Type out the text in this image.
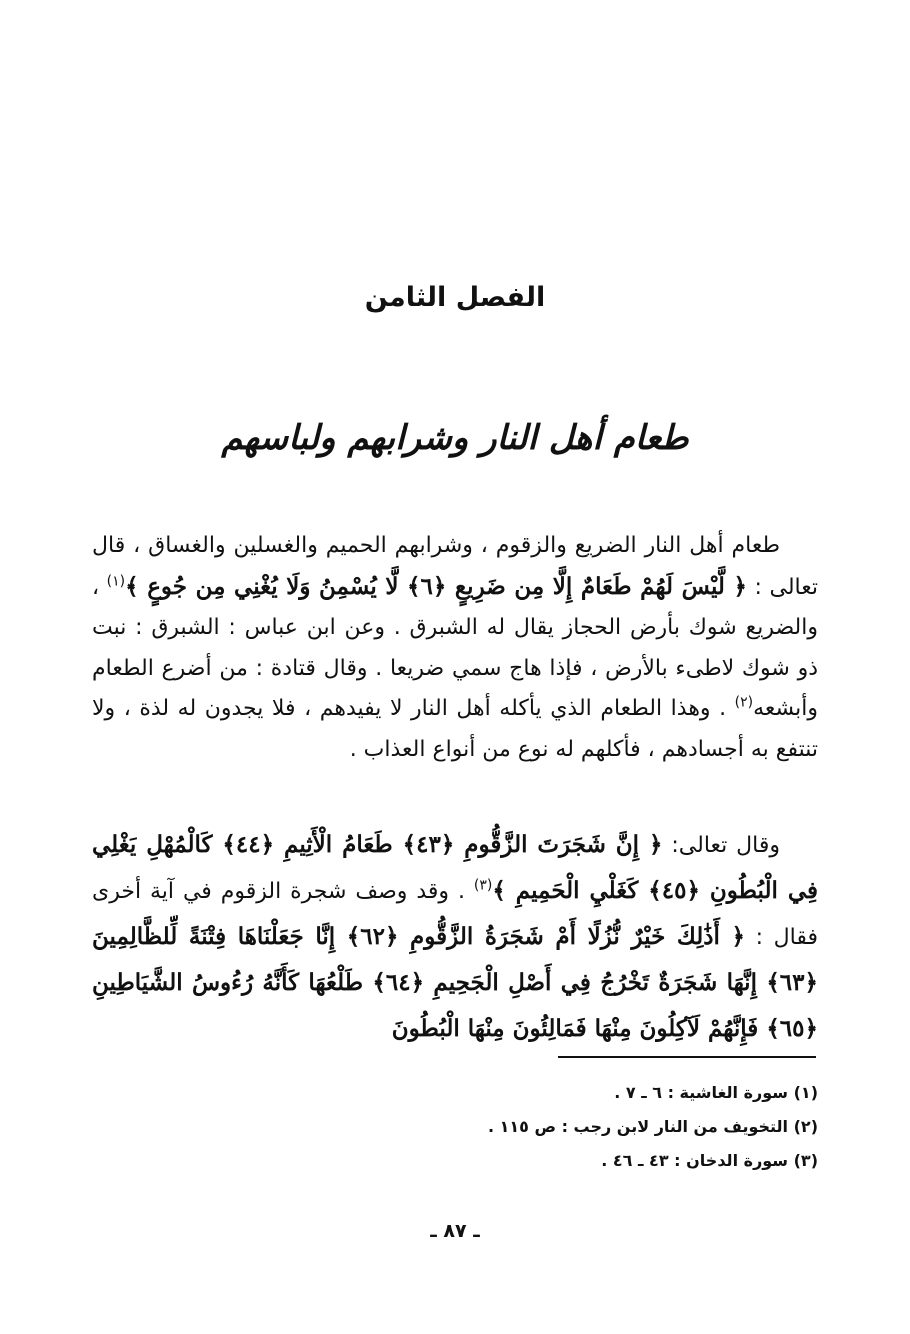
الفصل الثامن
طعام أهل النار وشرابهم ولباسهم

طعام أهل النار الضريع والزقوم ، وشرابهم الحميم والغسلين والغساق ، قال تعالى : ﴿ لَّيْسَ لَهُمْ طَعَامٌ إِلَّا مِن ضَرِيعٍ ﴿٦﴾ لَّا يُسْمِنُ وَلَا يُغْنِي مِن جُوعٍ ﴾$^{(١)}$ ، والضريع شوك بأرض الحجاز يقال له الشبرق . وعن ابن عباس : الشبرق : نبت ذو شوك لاطىء بالأرض ، فإذا هاج سمي ضريعا . وقال قتادة : من أضرع الطعام وأبشعه$^{(٢)}$ . وهذا الطعام الذي يأكله أهل النار لا يفيدهم ، فلا يجدون له لذة ، ولا تنتفع به أجسادهم ، فأكلهم له نوع من أنواع العذاب .

وقال تعالى: ﴿ إِنَّ شَجَرَتَ الزَّقُّومِ ﴿٤٣﴾ طَعَامُ الْأَثِيمِ ﴿٤٤﴾ كَالْمُهْلِ يَغْلِي فِي الْبُطُونِ ﴿٤٥﴾ كَغَلْيِ الْحَمِيمِ ﴾$^{(٣)}$ . وقد وصف شجرة الزقوم في آية أخرى فقال : ﴿ أَذَٰلِكَ خَيْرٌ نُّزُلًا أَمْ شَجَرَةُ الزَّقُّومِ ﴿٦٢﴾ إِنَّا جَعَلْنَاهَا فِتْنَةً لِّلظَّالِمِينَ ﴿٦٣﴾ إِنَّهَا شَجَرَةٌ تَخْرُجُ فِي أَصْلِ الْجَحِيمِ ﴿٦٤﴾ طَلْعُهَا كَأَنَّهُ رُءُوسُ الشَّيَاطِينِ ﴿٦٥﴾ فَإِنَّهُمْ لَآكِلُونَ مِنْهَا فَمَالِئُونَ مِنْهَا الْبُطُونَ

(١) سورة الغاشية : ٦ ـ ٧ .
(٢) التخويف من النار لابن رجب : ص ١١٥ .
(٣) سورة الدخان : ٤٣ ـ ٤٦ .
ـ ٨٧ ـ
